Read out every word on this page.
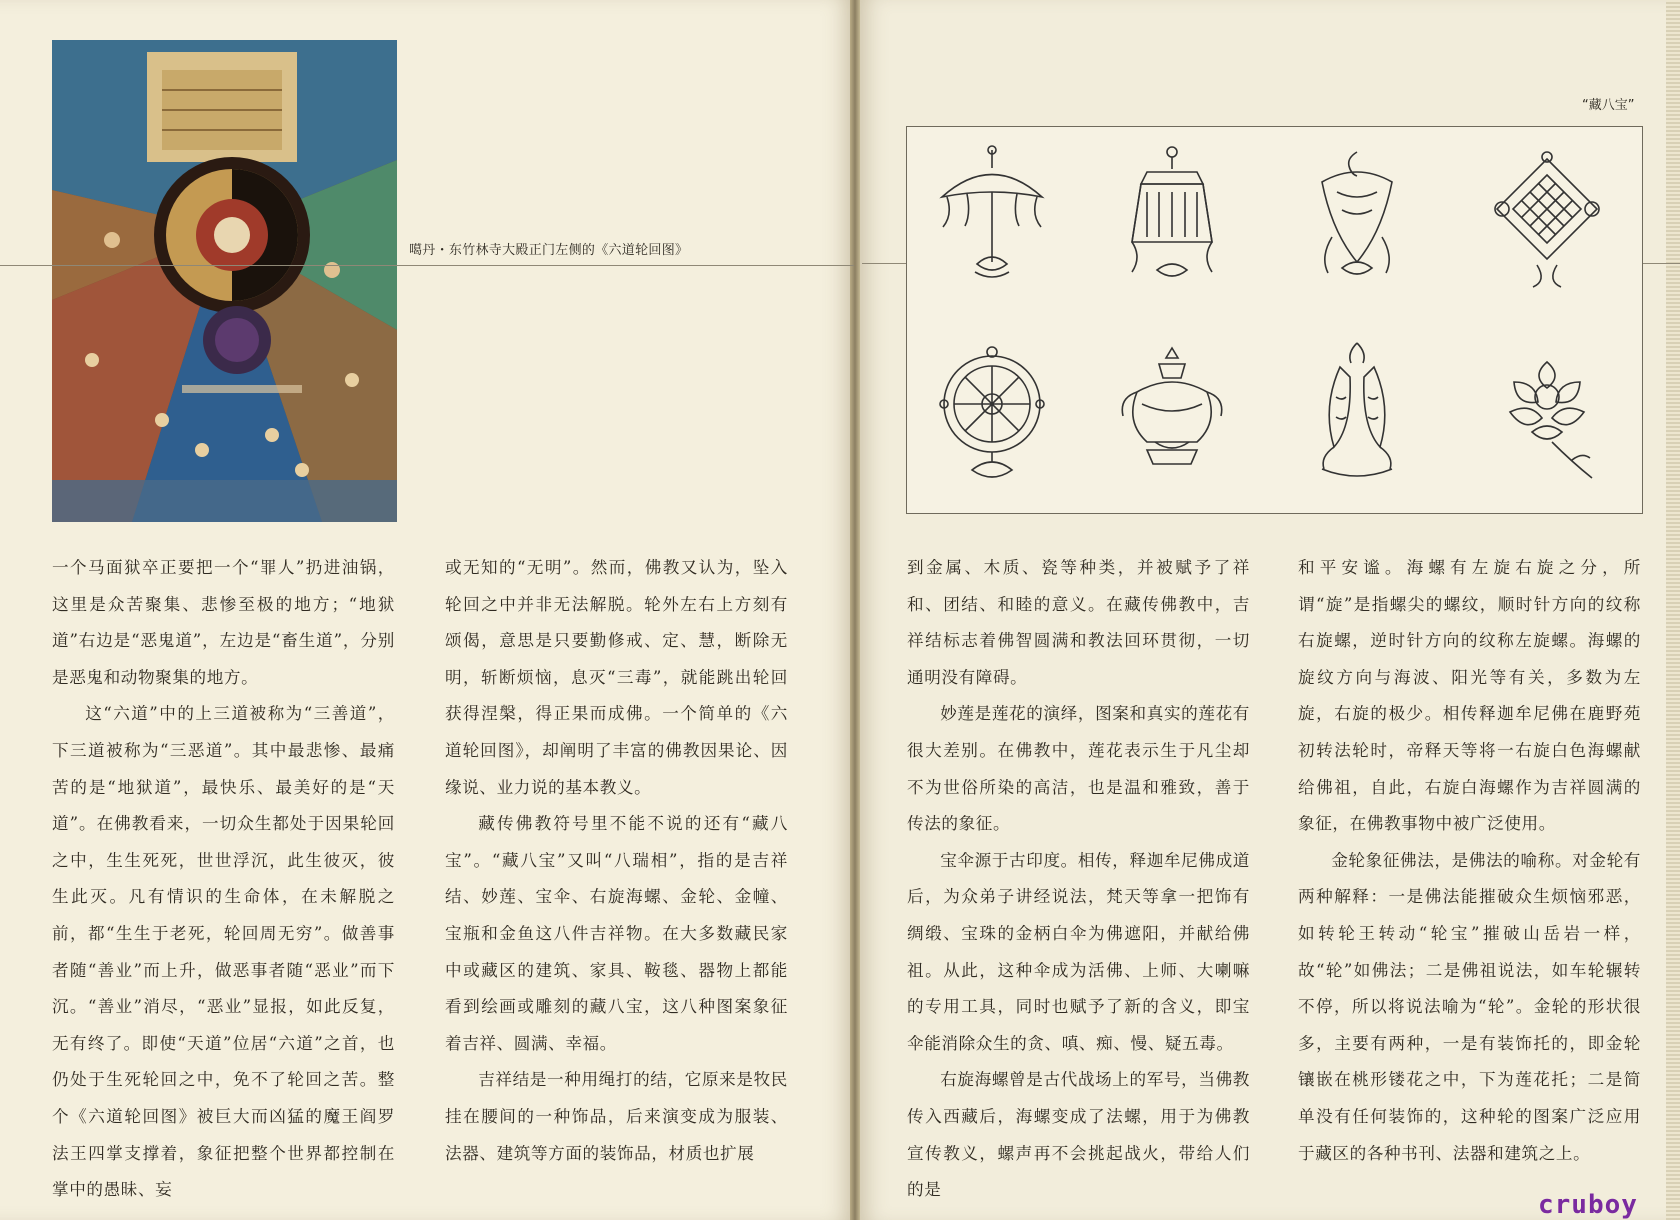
噶丹・东竹林寺大殿正门左侧的《六道轮回图》

一个马面狱卒正要把一个“罪人”扔进油锅，这里是众苦聚集、悲惨至极的地方；“地狱道”右边是“恶鬼道”，左边是“畜生道”，分别是恶鬼和动物聚集的地方。

这“六道”中的上三道被称为“三善道”，下三道被称为“三恶道”。其中最悲惨、最痛苦的是“地狱道”，最快乐、最美好的是“天道”。在佛教看来，一切众生都处于因果轮回之中，生生死死，世世浮沉，此生彼灭，彼生此灭。凡有情识的生命体，在未解脱之前，都“生生于老死，轮回周无穷”。做善事者随“善业”而上升，做恶事者随“恶业”而下沉。“善业”消尽，“恶业”显报，如此反复，无有终了。即使“天道”位居“六道”之首，也仍处于生死轮回之中，免不了轮回之苦。整个《六道轮回图》被巨大而凶猛的魔王阎罗法王四掌支撑着，象征把整个世界都控制在掌中的愚昧、妄

或无知的“无明”。然而，佛教又认为，坠入轮回之中并非无法解脱。轮外左右上方刻有颂偈，意思是只要勤修戒、定、慧，断除无明，斩断烦恼，息灭“三毒”，就能跳出轮回获得涅槃，得正果而成佛。一个简单的《六道轮回图》，却阐明了丰富的佛教因果论、因缘说、业力说的基本教义。

藏传佛教符号里不能不说的还有“藏八宝”。“藏八宝”又叫“八瑞相”，指的是吉祥结、妙莲、宝伞、右旋海螺、金轮、金幢、宝瓶和金鱼这八件吉祥物。在大多数藏民家中或藏区的建筑、家具、鞍毯、器物上都能看到绘画或雕刻的藏八宝，这八种图案象征着吉祥、圆满、幸福。

吉祥结是一种用绳打的结，它原来是牧民挂在腰间的一种饰品，后来演变成为服装、法器、建筑等方面的装饰品，材质也扩展

“藏八宝”

到金属、木质、瓷等种类，并被赋予了祥和、团结、和睦的意义。在藏传佛教中，吉祥结标志着佛智圆满和教法回环贯彻，一切通明没有障碍。

妙莲是莲花的演绎，图案和真实的莲花有很大差别。在佛教中，莲花表示生于凡尘却不为世俗所染的高洁，也是温和雅致，善于传法的象征。

宝伞源于古印度。相传，释迦牟尼佛成道后，为众弟子讲经说法，梵天等拿一把饰有绸缎、宝珠的金柄白伞为佛遮阳，并献给佛祖。从此，这种伞成为活佛、上师、大喇嘛的专用工具，同时也赋予了新的含义，即宝伞能消除众生的贪、嗔、痴、慢、疑五毒。

右旋海螺曾是古代战场上的军号，当佛教传入西藏后，海螺变成了法螺，用于为佛教宣传教义，螺声再不会挑起战火，带给人们的是

和平安谧。海螺有左旋右旋之分，所谓“旋”是指螺尖的螺纹，顺时针方向的纹称右旋螺，逆时针方向的纹称左旋螺。海螺的旋纹方向与海波、阳光等有关，多数为左旋，右旋的极少。相传释迦牟尼佛在鹿野苑初转法轮时，帝释天等将一右旋白色海螺献给佛祖，自此，右旋白海螺作为吉祥圆满的象征，在佛教事物中被广泛使用。

金轮象征佛法，是佛法的喻称。对金轮有两种解释：一是佛法能摧破众生烦恼邪恶，如转轮王转动“轮宝”摧破山岳岩一样，故“轮”如佛法；二是佛祖说法，如车轮辗转不停，所以将说法喻为“轮”。金轮的形状很多，主要有两种，一是有装饰托的，即金轮镶嵌在桃形镂花之中，下为莲花托；二是简单没有任何装饰的，这种轮的图案广泛应用于藏区的各种书刊、法器和建筑之上。

cruboy
